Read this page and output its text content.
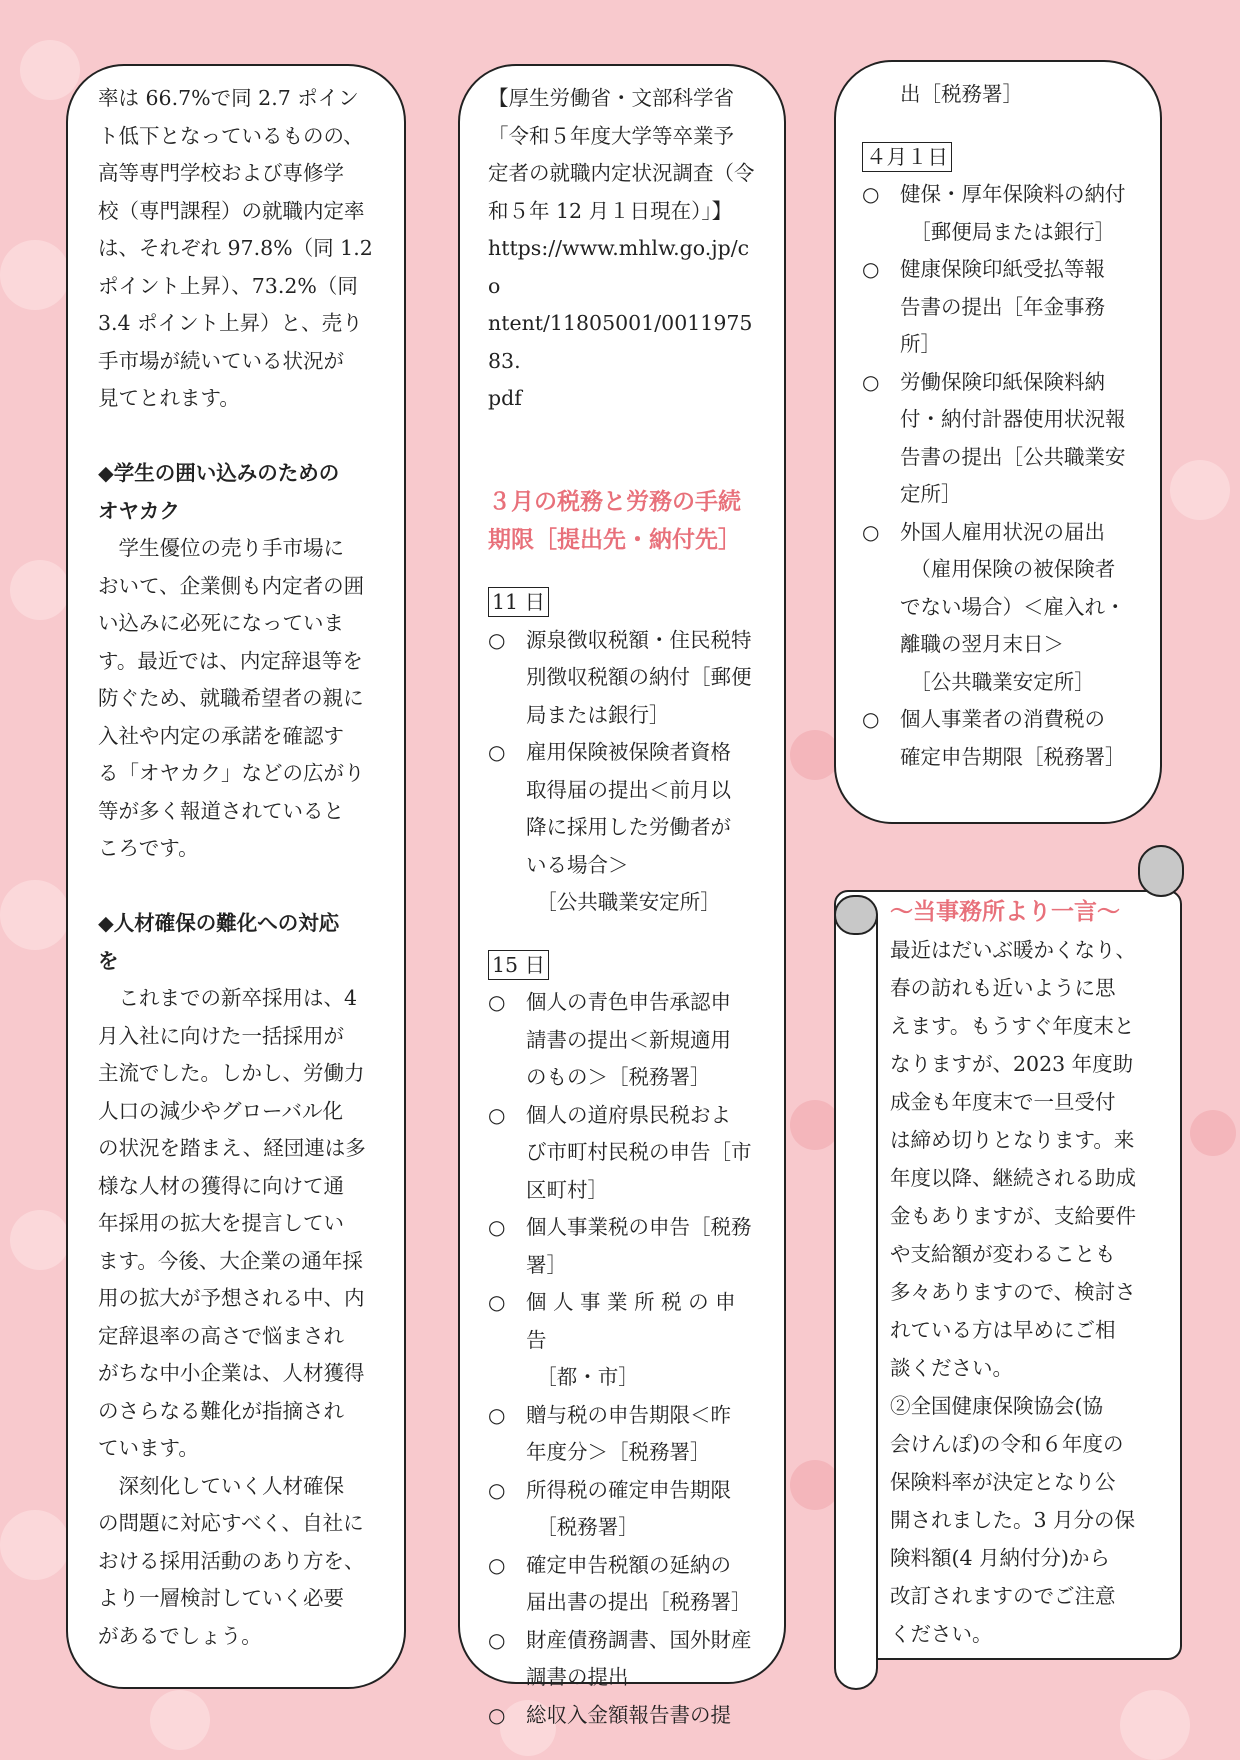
率は 66.7%で同 2.7 ポイン

ト低下となっているものの、

高等専門学校および専修学

校（専門課程）の就職内定率

は、それぞれ 97.8%（同 1.2

ポイント上昇）、73.2%（同

3.4 ポイント上昇）と、売り

手市場が続いている状況が

見てとれます。

◆学生の囲い込みのための

オヤカク

学生優位の売り手市場に

おいて、企業側も内定者の囲

い込みに必死になっていま

す。最近では、内定辞退等を

防ぐため、就職希望者の親に

入社や内定の承諾を確認す

る「オヤカク」などの広がり

等が多く報道されていると

ころです。

◆人材確保の難化への対応

を

これまでの新卒採用は、4

月入社に向けた一括採用が

主流でした。しかし、労働力

人口の減少やグローバル化

の状況を踏まえ、経団連は多

様な人材の獲得に向けて通

年採用の拡大を提言してい

ます。今後、大企業の通年採

用の拡大が予想される中、内

定辞退率の高さで悩まされ

がちな中小企業は、人材獲得

のさらなる難化が指摘され

ています。

深刻化していく人材確保

の問題に対応すべく、自社に

おける採用活動のあり方を、

より一層検討していく必要

があるでしょう。

【厚生労働省・文部科学省

「令和５年度大学等卒業予

定者の就職内定状況調査（令

和５年 12 月１日現在）」】

https://www.mhlw.go.jp/co

ntent/11805001/001197583.

pdf

３月の税務と労務の手続

期限［提出先・納付先］

11 日
○	源泉徴収税額・住民税特

別徴収税額の納付［郵便

局または銀行］

○	雇用保険被保険者資格

取得届の提出＜前月以

降に採用した労働者が

いる場合＞

［公共職業安定所］

15 日
○	個人の青色申告承認申

請書の提出＜新規適用

のもの＞［税務署］

○	個人の道府県民税およ

び市町村民税の申告［市

区町村］

○	個人事業税の申告［税務

署］

○	個 人 事 業 所 税 の 申 告

［都・市］

○	贈与税の申告期限＜昨

年度分＞［税務署］

○	所得税の確定申告期限

［税務署］

○	確定申告税額の延納の

届出書の提出［税務署］

○	財産債務調書、国外財産

調書の提出

○	総収入金額報告書の提

出［税務署］

４月１日
○	健保・厚年保険料の納付

［郵便局または銀行］

○	健康保険印紙受払等報

告書の提出［年金事務

所］

○	労働保険印紙保険料納

付・納付計器使用状況報

告書の提出［公共職業安

定所］

○	外国人雇用状況の届出

（雇用保険の被保険者

でない場合）＜雇入れ・

離職の翌月末日＞

［公共職業安定所］

○	個人事業者の消費税の

確定申告期限［税務署］

～当事務所より一言～

最近はだいぶ暖かくなり、

春の訪れも近いように思

えます。もうすぐ年度末と

なりますが、2023 年度助

成金も年度末で一旦受付

は締め切りとなります。来

年度以降、継続される助成

金もありますが、支給要件

や支給額が変わることも

多々ありますので、検討さ

れている方は早めにご相

談ください。

②全国健康保険協会(協

会けんぽ)の令和６年度の

保険料率が決定となり公

開されました。3 月分の保

険料額(4 月納付分)から

改訂されますのでご注意

ください。
